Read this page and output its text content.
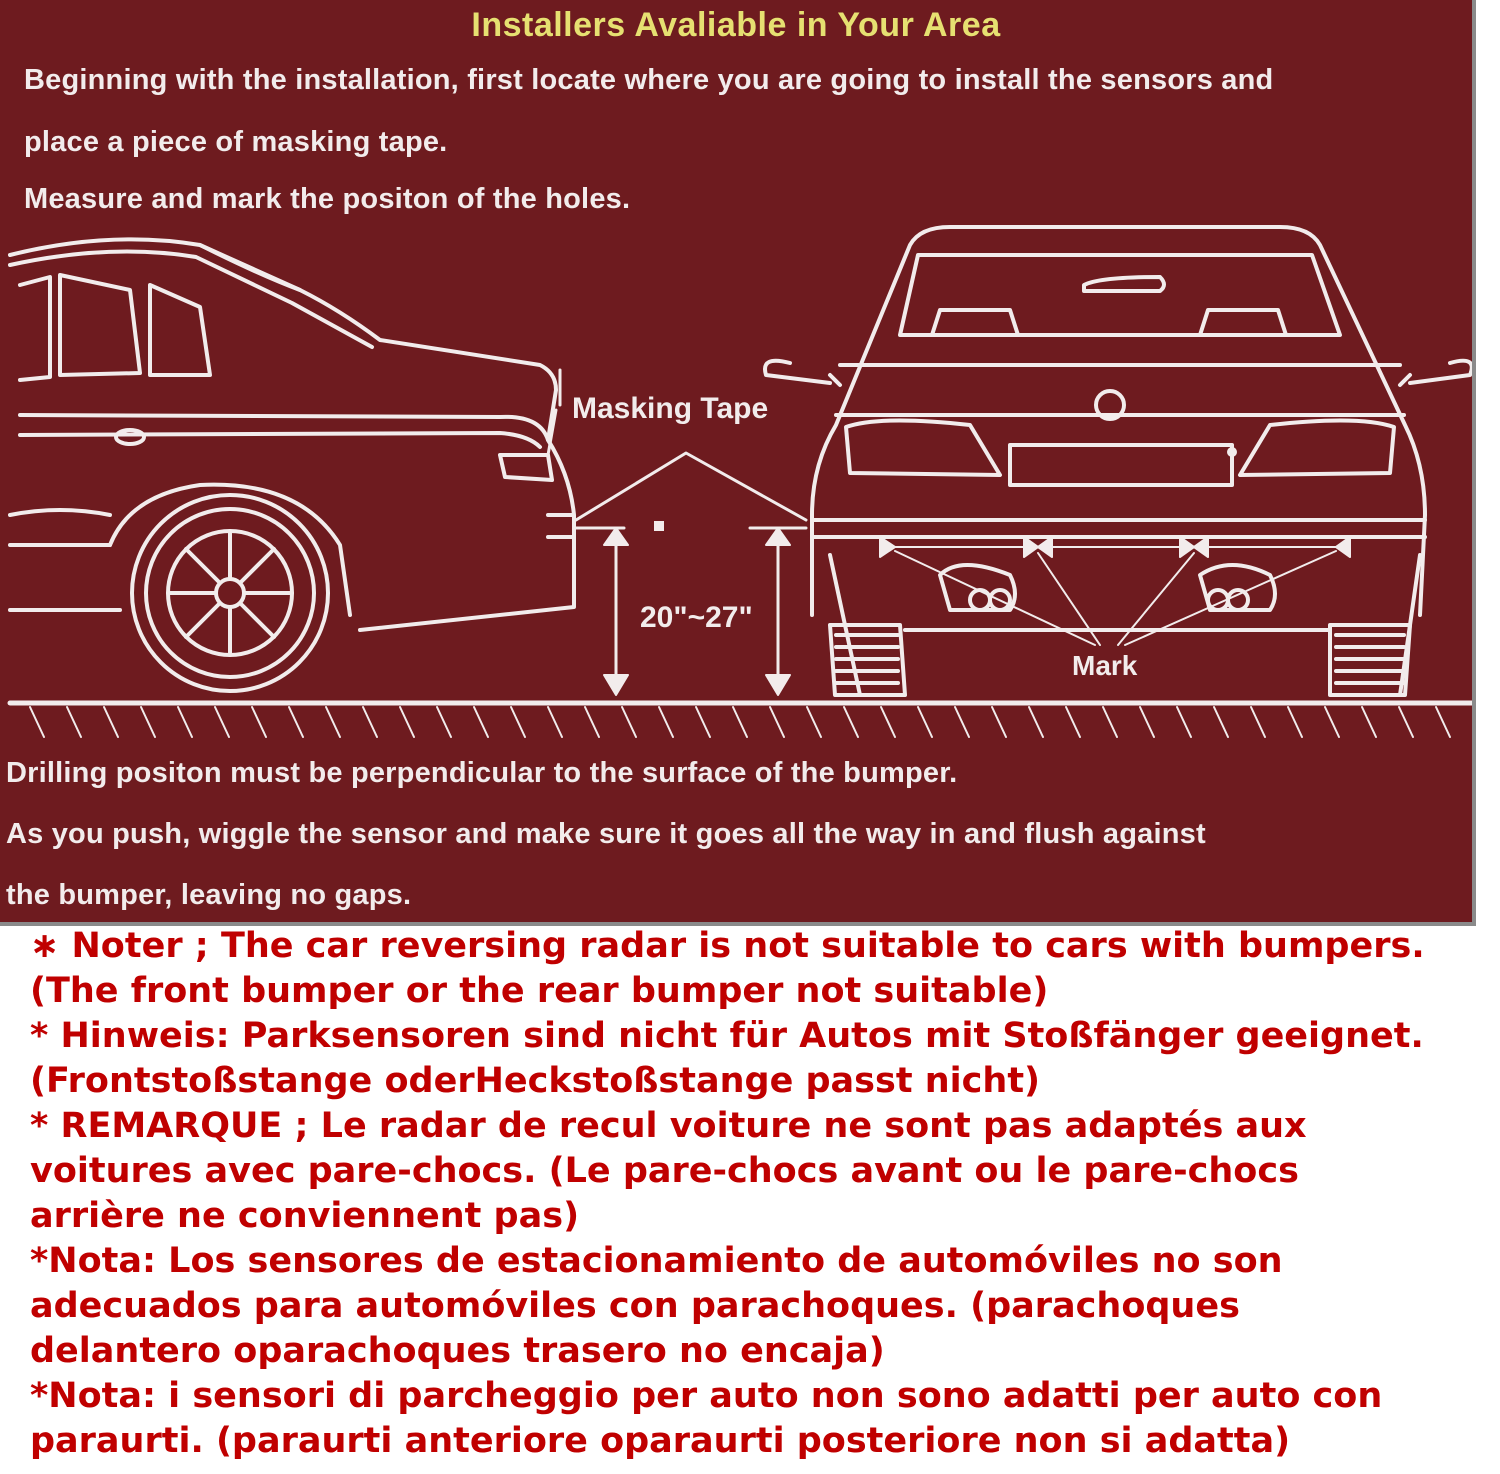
Installers Avaliable in Your Area
Beginning with the installation, first locate where you are going to install the sensors and
place a piece of masking tape.
Measure and mark the positon of the holes.
Masking Tape
20"~27"
Mark
Drilling positon must be perpendicular to the surface of the bumper.
As you push, wiggle the sensor and make sure it goes all the way in and flush against
the bumper, leaving no gaps.
∗ Noter ; The car reversing radar is not suitable to cars with bumpers.
(The front bumper or the rear bumper not suitable)
* Hinweis: Parksensoren sind nicht für Autos mit Stoßfänger geeignet.
(Frontstoßstange oderHeckstoßstange passt nicht)
* REMARQUE ; Le radar de recul voiture ne sont pas adaptés aux
voitures avec pare-chocs. (Le pare-chocs avant ou le pare-chocs
arrière ne conviennent pas)
*Nota: Los sensores de estacionamiento de automóviles no son
adecuados para automóviles con parachoques. (parachoques
delantero oparachoques trasero no encaja)
*Nota: i sensori di parcheggio per auto non sono adatti per auto con
paraurti. (paraurti anteriore oparaurti posteriore non si adatta)
